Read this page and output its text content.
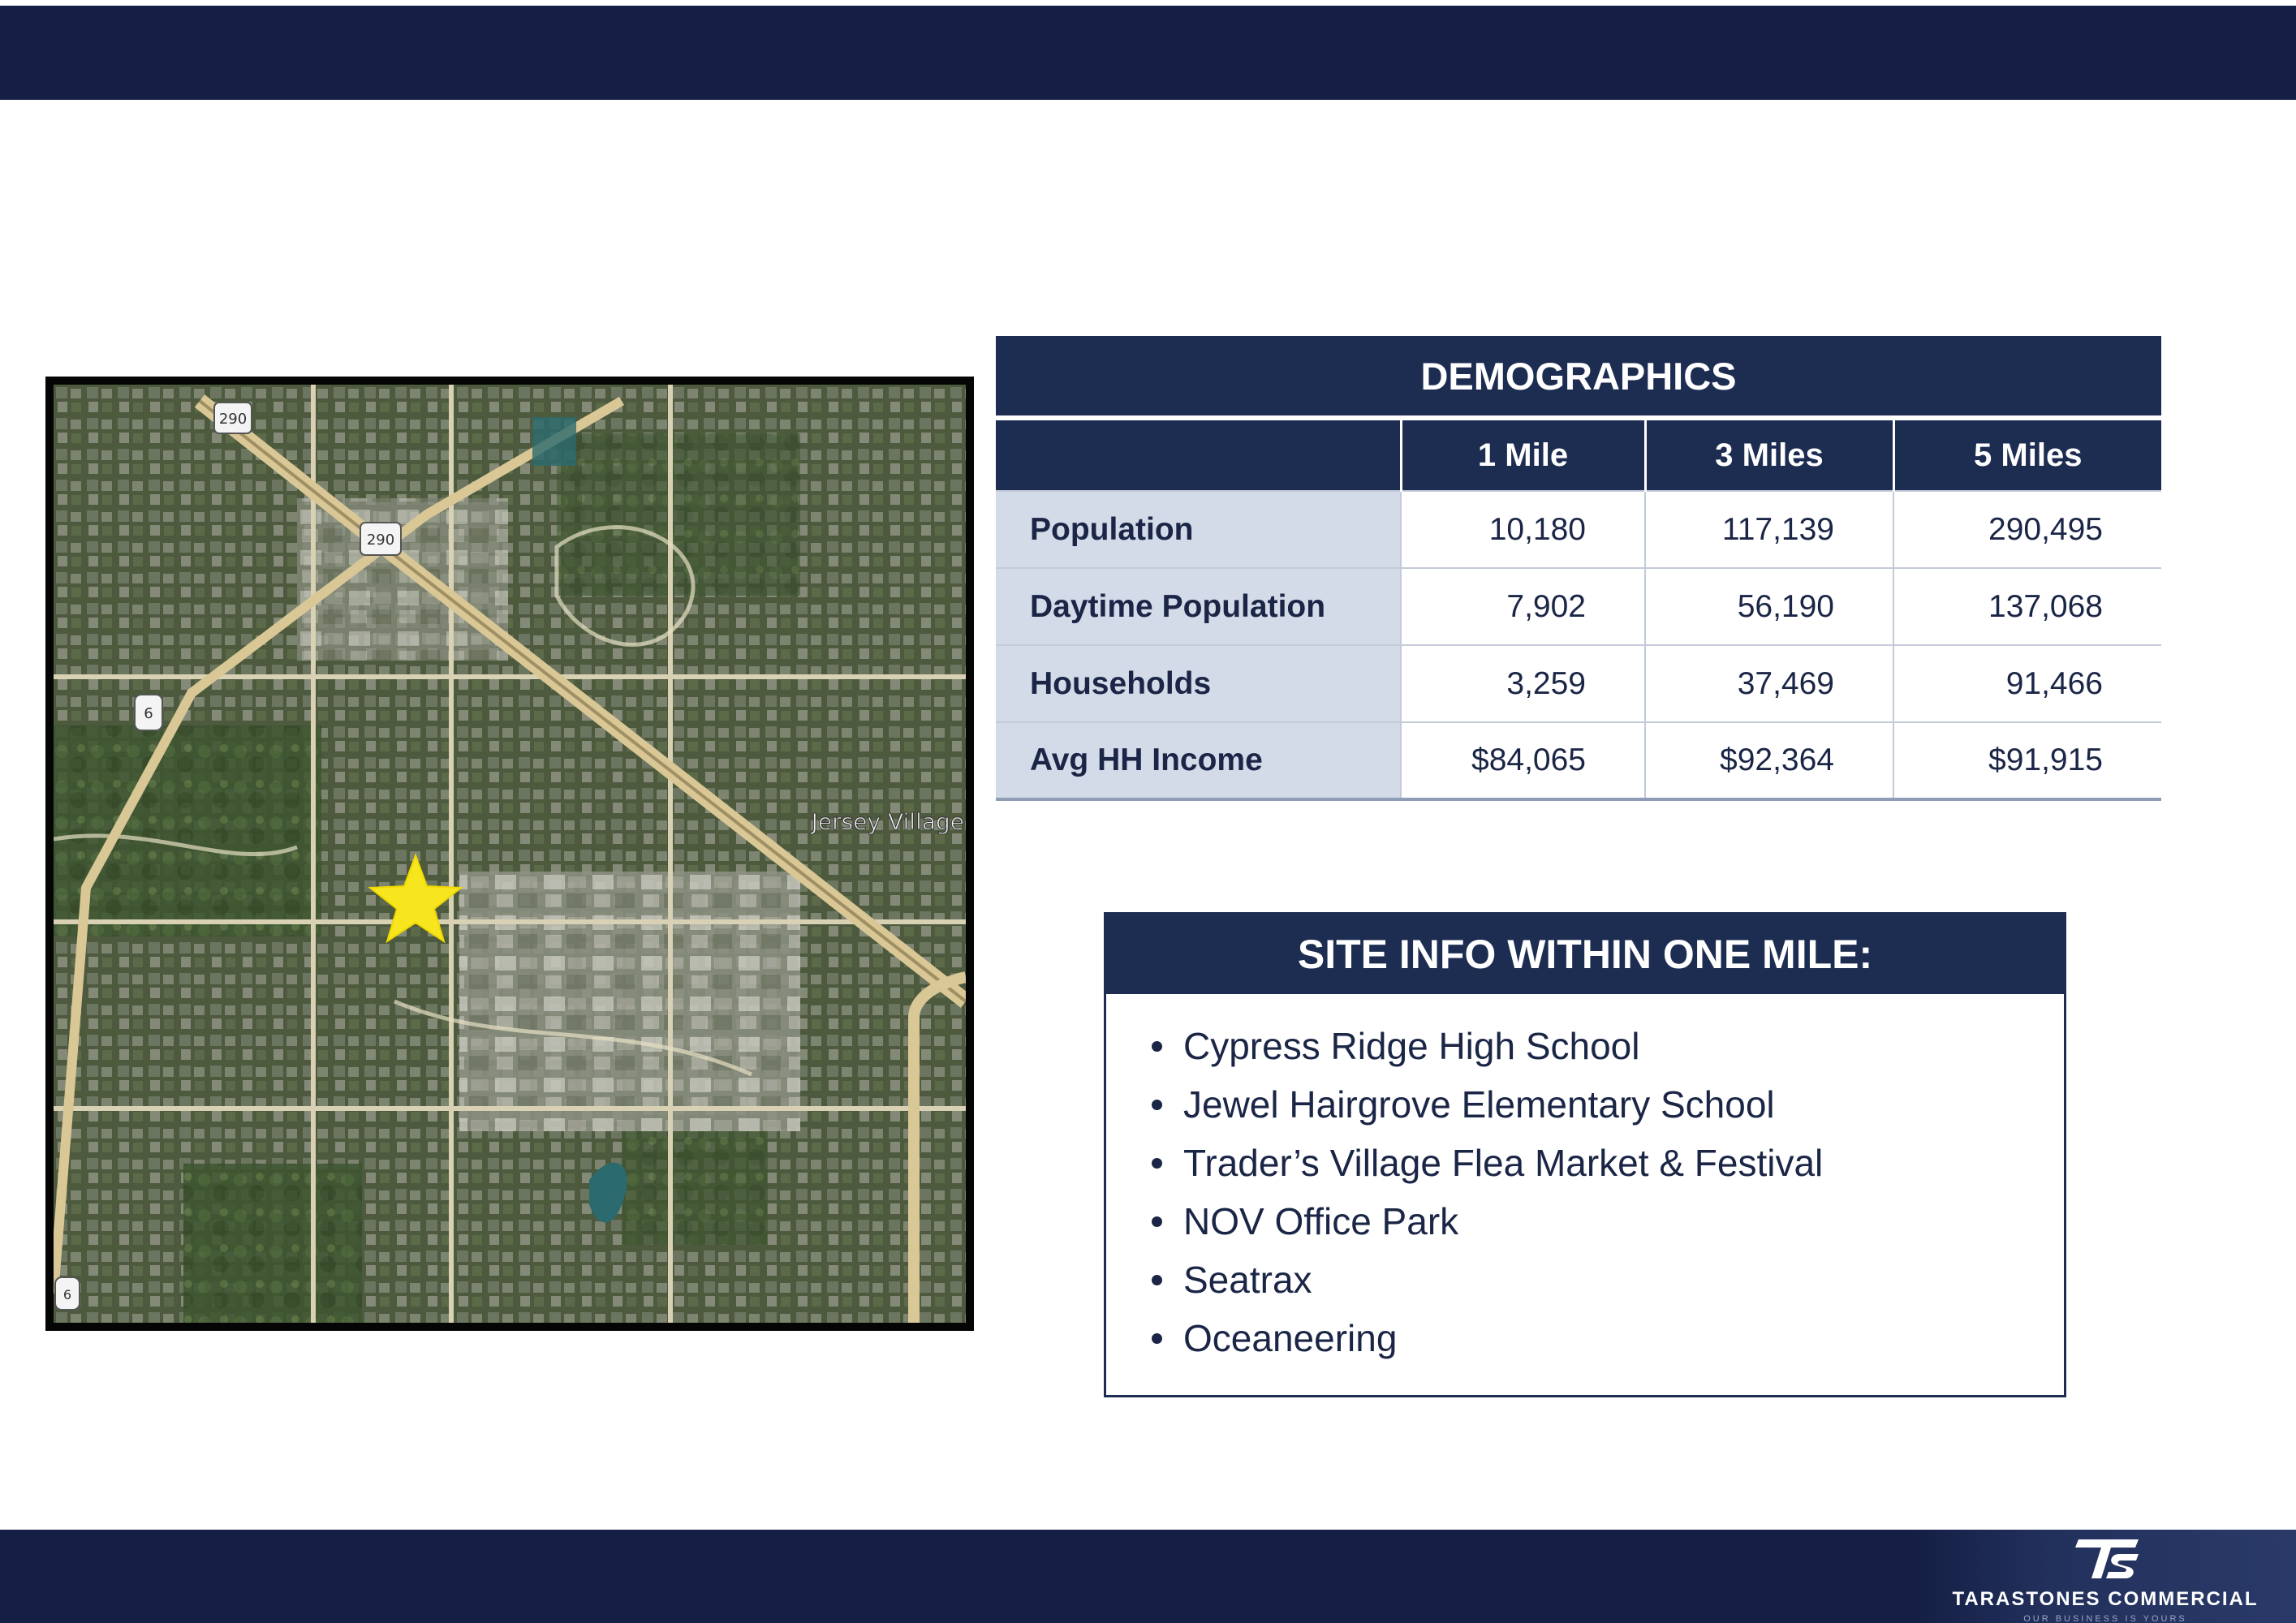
290
290
6
6
Jersey Village
DEMOGRAPHICS
	1 Mile	3 Miles	5 Miles
Population	10,180	117,139	290,495
Daytime Population	7,902	56,190	137,068
Households	3,259	37,469	91,466
Avg HH Income	$84,065	$92,364	$91,915
SITE INFO WITHIN ONE MILE:
Cypress Ridge High School
Jewel Hairgrove Elementary School
Trader’s Village Flea Market & Festival
NOV Office Park
Seatrax
Oceaneering
TARASTONES COMMERCIAL
OUR BUSINESS IS YOURS
